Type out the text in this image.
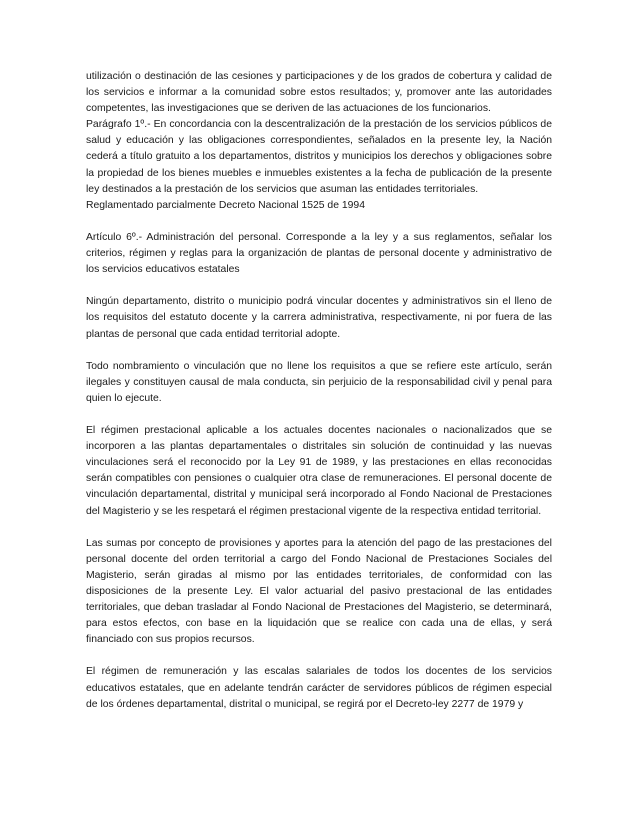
utilización o destinación de las cesiones y participaciones y de los grados de cobertura y calidad de los servicios e informar a la comunidad sobre estos resultados; y, promover ante las autoridades competentes, las investigaciones que se deriven de las actuaciones de los funcionarios.
Parágrafo 1º.- En concordancia con la descentralización de la prestación de los servicios públicos de salud y educación y las obligaciones correspondientes, señalados en la presente ley, la Nación cederá a título gratuito a los departamentos, distritos y municipios los derechos y obligaciones sobre la propiedad de los bienes muebles e inmuebles existentes a la fecha de publicación de la presente ley destinados a la prestación de los servicios que asuman las entidades territoriales.
Reglamentado parcialmente Decreto Nacional 1525 de 1994

Artículo 6º.- Administración del personal. Corresponde a la ley y a sus reglamentos, señalar los criterios, régimen y reglas para la organización de plantas de personal docente y administrativo de los servicios educativos estatales

Ningún departamento, distrito o municipio podrá vincular docentes y administrativos sin el lleno de los requisitos del estatuto docente y la carrera administrativa, respectivamente, ni por fuera de las plantas de personal que cada entidad territorial adopte.

Todo nombramiento o vinculación que no llene los requisitos a que se refiere este artículo, serán ilegales y constituyen causal de mala conducta, sin perjuicio de la responsabilidad civil y penal para quien lo ejecute.

El régimen prestacional aplicable a los actuales docentes nacionales o nacionalizados que se incorporen a las plantas departamentales o distritales sin solución de continuidad y las nuevas vinculaciones será el reconocido por la Ley 91 de 1989, y las prestaciones en ellas reconocidas serán compatibles con pensiones o cualquier otra clase de remuneraciones. El personal docente de vinculación departamental, distrital y municipal será incorporado al Fondo Nacional de Prestaciones del Magisterio y se les respetará el régimen prestacional vigente de la respectiva entidad territorial.

Las sumas por concepto de provisiones y aportes para la atención del pago de las prestaciones del personal docente del orden territorial a cargo del Fondo Nacional de Prestaciones Sociales del Magisterio, serán giradas al mismo por las entidades territoriales, de conformidad con las disposiciones de la presente Ley. El valor actuarial del pasivo prestacional de las entidades territoriales, que deban trasladar al Fondo Nacional de Prestaciones del Magisterio, se determinará, para estos efectos, con base en la liquidación que se realice con cada una de ellas, y será financiado con sus propios recursos.

El régimen de remuneración y las escalas salariales de todos los docentes de los servicios educativos estatales, que en adelante tendrán carácter de servidores públicos de régimen especial de los órdenes departamental, distrital o municipal, se regirá por el Decreto-ley 2277 de 1979 y
